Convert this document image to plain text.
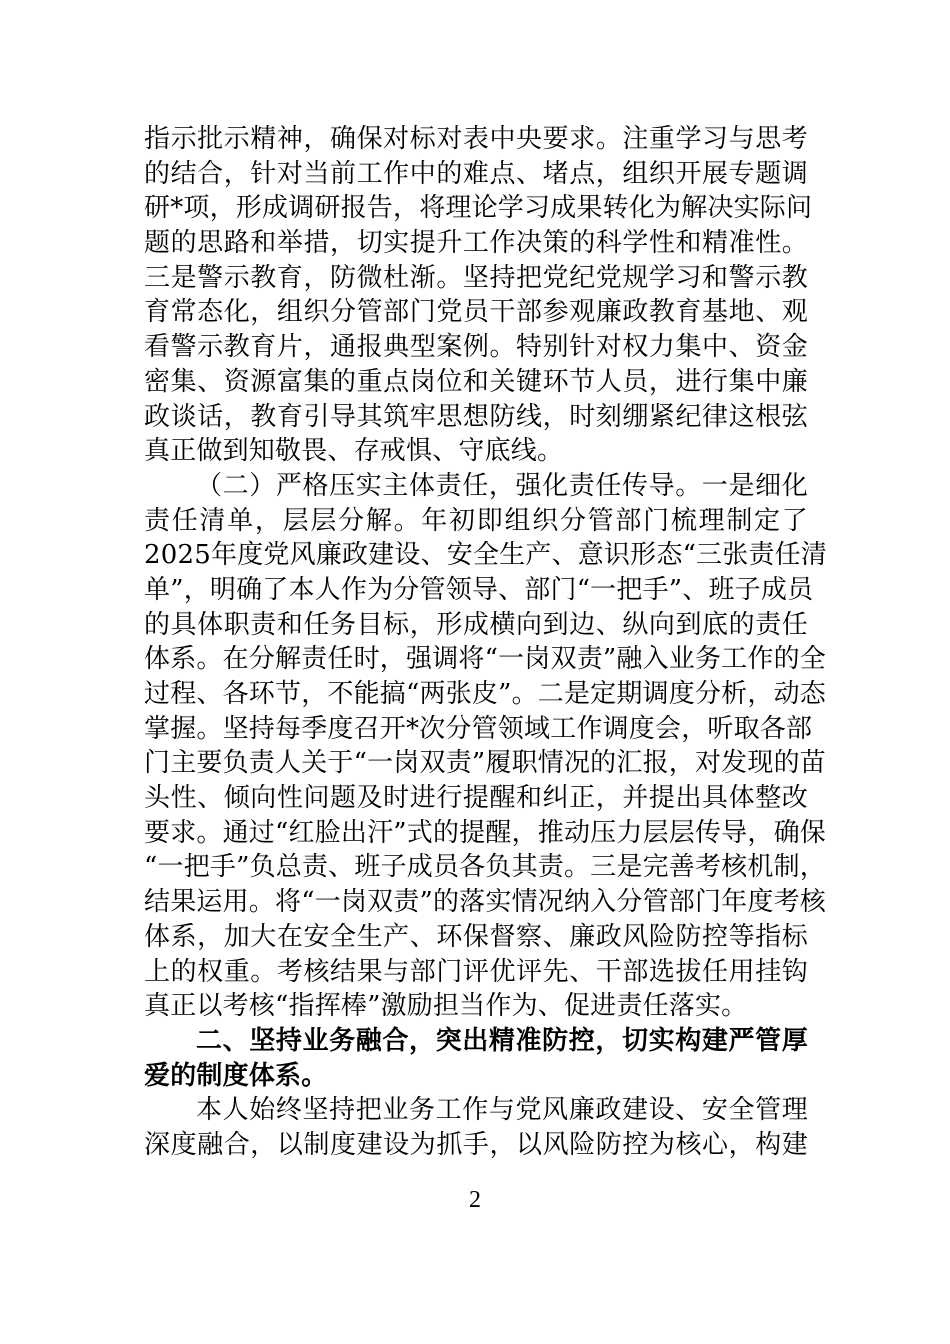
指示批示精神，确保对标对表中央要求。注重学习与思考
的结合，针对当前工作中的难点、堵点，组织开展专题调
研*项，形成调研报告，将理论学习成果转化为解决实际问
题的思路和举措，切实提升工作决策的科学性和精准性。
三是警示教育，防微杜渐。坚持把党纪党规学习和警示教
育常态化，组织分管部门党员干部参观廉政教育基地、观
看警示教育片，通报典型案例。特别针对权力集中、资金
密集、资源富集的重点岗位和关键环节人员，进行集中廉
政谈话，教育引导其筑牢思想防线，时刻绷紧纪律这根弦
真正做到知敬畏、存戒惧、守底线。
（二）严格压实主体责任，强化责任传导。一是细化
责任清单，层层分解。年初即组织分管部门梳理制定了
2025年度党风廉政建设、安全生产、意识形态“三张责任清
单”，明确了本人作为分管领导、部门“一把手”、班子成员
的具体职责和任务目标，形成横向到边、纵向到底的责任
体系。在分解责任时，强调将“一岗双责”融入业务工作的全
过程、各环节，不能搞“两张皮”。二是定期调度分析，动态
掌握。坚持每季度召开*次分管领域工作调度会，听取各部
门主要负责人关于“一岗双责”履职情况的汇报，对发现的苗
头性、倾向性问题及时进行提醒和纠正，并提出具体整改
要求。通过“红脸出汗”式的提醒，推动压力层层传导，确保
“一把手”负总责、班子成员各负其责。三是完善考核机制，
结果运用。将“一岗双责”的落实情况纳入分管部门年度考核
体系，加大在安全生产、环保督察、廉政风险防控等指标
上的权重。考核结果与部门评优评先、干部选拔任用挂钩
真正以考核“指挥棒”激励担当作为、促进责任落实。
二、坚持业务融合，突出精准防控，切实构建严管厚
爱的制度体系。
本人始终坚持把业务工作与党风廉政建设、安全管理
深度融合，以制度建设为抓手，以风险防控为核心，构建
2
